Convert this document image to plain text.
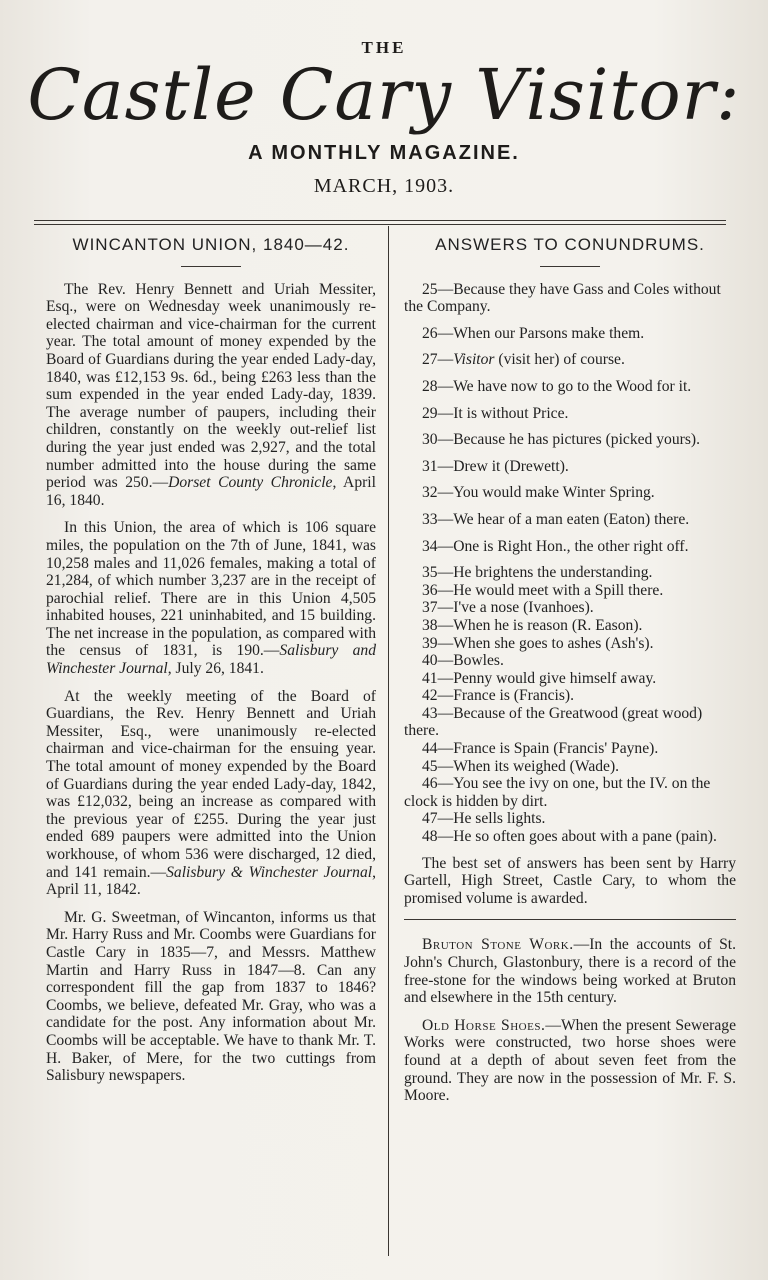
THE
Castle Cary Visitor:
A MONTHLY MAGAZINE.
MARCH, 1903.
WINCANTON UNION, 1840—42.

The Rev. Henry Bennett and Uriah Messiter, Esq., were on Wednesday week unanimously re-elected chairman and vice-chairman for the current year. The total amount of money expended by the Board of Guardians during the year ended Lady-day, 1840, was £12,153 9s. 6d., being £263 less than the sum expended in the year ended Lady-day, 1839. The average number of paupers, including their children, constantly on the weekly out-relief list during the year just ended was 2,927, and the total number admitted into the house during the same period was 250.—Dorset County Chronicle, April 16, 1840.

In this Union, the area of which is 106 square miles, the population on the 7th of June, 1841, was 10,258 males and 11,026 females, making a total of 21,284, of which number 3,237 are in the receipt of parochial relief. There are in this Union 4,505 inhabited houses, 221 uninhabited, and 15 building. The net increase in the population, as compared with the census of 1831, is 190.—Salisbury and Winchester Journal, July 26, 1841.

At the weekly meeting of the Board of Guardians, the Rev. Henry Bennett and Uriah Messiter, Esq., were unanimously re-elected chairman and vice-chairman for the ensuing year. The total amount of money expended by the Board of Guardians during the year ended Lady-day, 1842, was £12,032, being an increase as compared with the previous year of £255. During the year just ended 689 paupers were admitted into the Union workhouse, of whom 536 were discharged, 12 died, and 141 remain.—Salisbury & Winchester Journal, April 11, 1842.

Mr. G. Sweetman, of Wincanton, informs us that Mr. Harry Russ and Mr. Coombs were Guardians for Castle Cary in 1835—7, and Messrs. Matthew Martin and Harry Russ in 1847—8. Can any correspondent fill the gap from 1837 to 1846? Coombs, we believe, defeated Mr. Gray, who was a candidate for the post. Any information about Mr. Coombs will be acceptable. We have to thank Mr. T. H. Baker, of Mere, for the two cuttings from Salisbury newspapers.

ANSWERS TO CONUNDRUMS.
25—Because they have Gass and Coles without the Company.
26—When our Parsons make them.
27—Visitor (visit her) of course.
28—We have now to go to the Wood for it.
29—It is without Price.
30—Because he has pictures (picked yours).
31—Drew it (Drewett).
32—You would make Winter Spring.
33—We hear of a man eaten (Eaton) there.
34—One is Right Hon., the other right off.
35—He brightens the understanding.
36—He would meet with a Spill there.
37—I've a nose (Ivanhoes).
38—When he is reason (R. Eason).
39—When she goes to ashes (Ash's).
40—Bowles.
41—Penny would give himself away.
42—France is (Francis).
43—Because of the Greatwood (great wood) there.
44—France is Spain (Francis' Payne).
45—When its weighed (Wade).
46—You see the ivy on one, but the IV. on the clock is hidden by dirt.
47—He sells lights.
48—He so often goes about with a pane (pain).
The best set of answers has been sent by Harry Gartell, High Street, Castle Cary, to whom the promised volume is awarded.
Bruton Stone Work.—In the accounts of St. John's Church, Glastonbury, there is a record of the free-stone for the windows being worked at Bruton and elsewhere in the 15th century.
Old Horse Shoes.—When the present Sewerage Works were constructed, two horse shoes were found at a depth of about seven feet from the ground. They are now in the possession of Mr. F. S. Moore.
